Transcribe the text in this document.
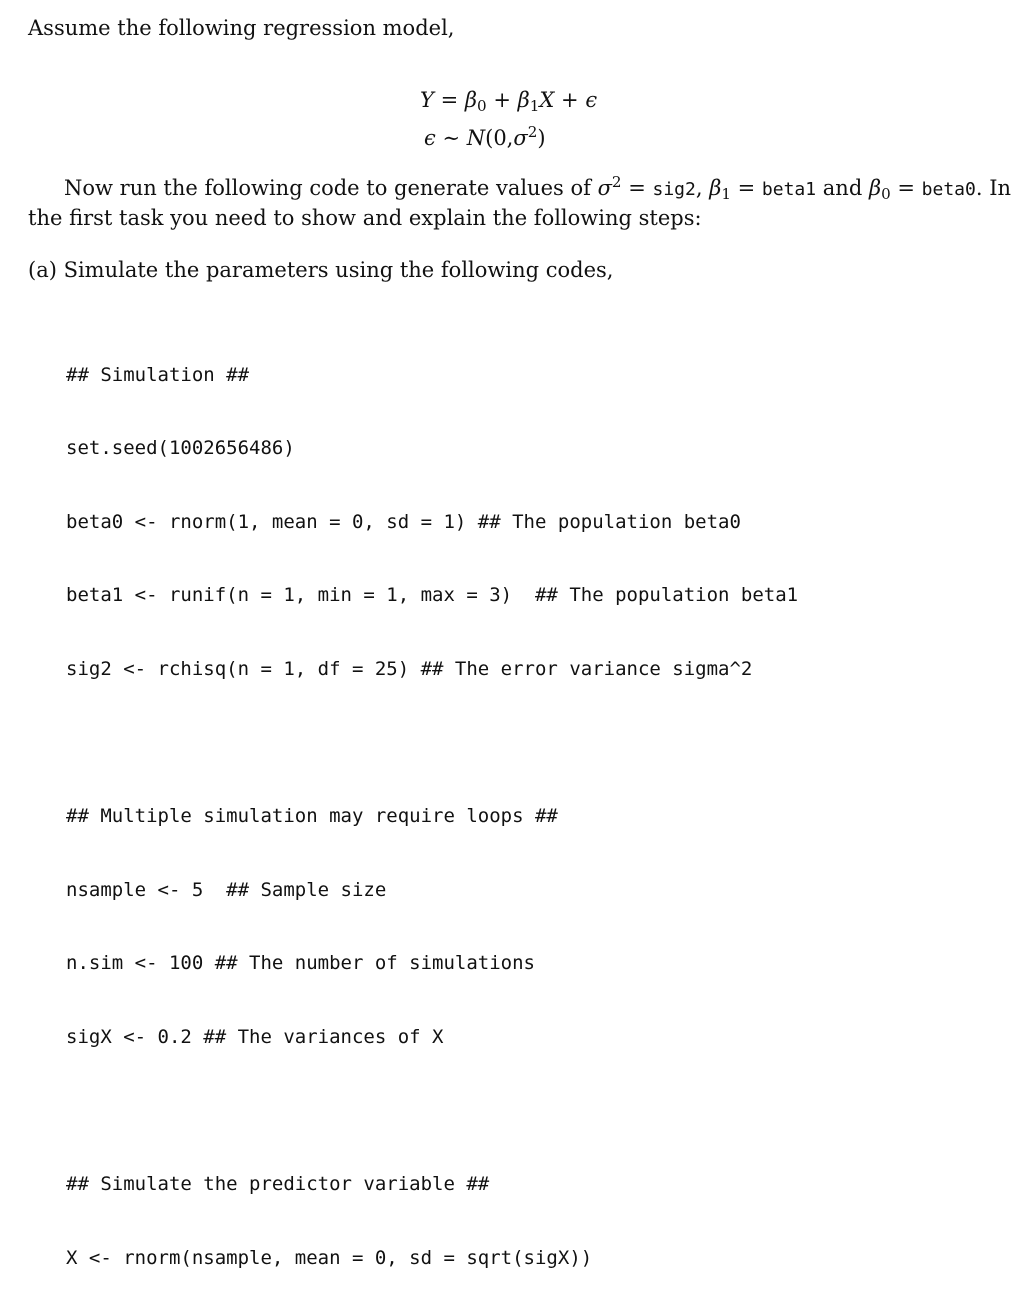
Assume the following regression model,
$Y = \beta_0 + \beta_1X + \epsilon$
ϵ ∼ $N(0,\sigma^2)$
Now run the following code to generate values of $\sigma^2 = sig2$, $\beta_1$ = beta1 and $\beta_0$ = beta0. In
the first task you need to show and explain the following steps:
(a) Simulate the parameters using the following codes,

## Simulation ##

set.seed(1002656486)

beta0 <- rnorm(1, mean = 0, sd = 1) ## The population beta0

beta1 <- runif(n = 1, min = 1, max = 3)  ## The population beta1

sig2 <- rchisq(n = 1, df = 25) ## The error variance sigma^2

## Multiple simulation may require loops ##

nsample <- 5  ## Sample size

n.sim <- 100 ## The number of simulations

sigX <- 0.2 ## The variances of X

## Simulate the predictor variable ##

X <- rnorm(nsample, mean = 0, sd = sqrt(sigX))
